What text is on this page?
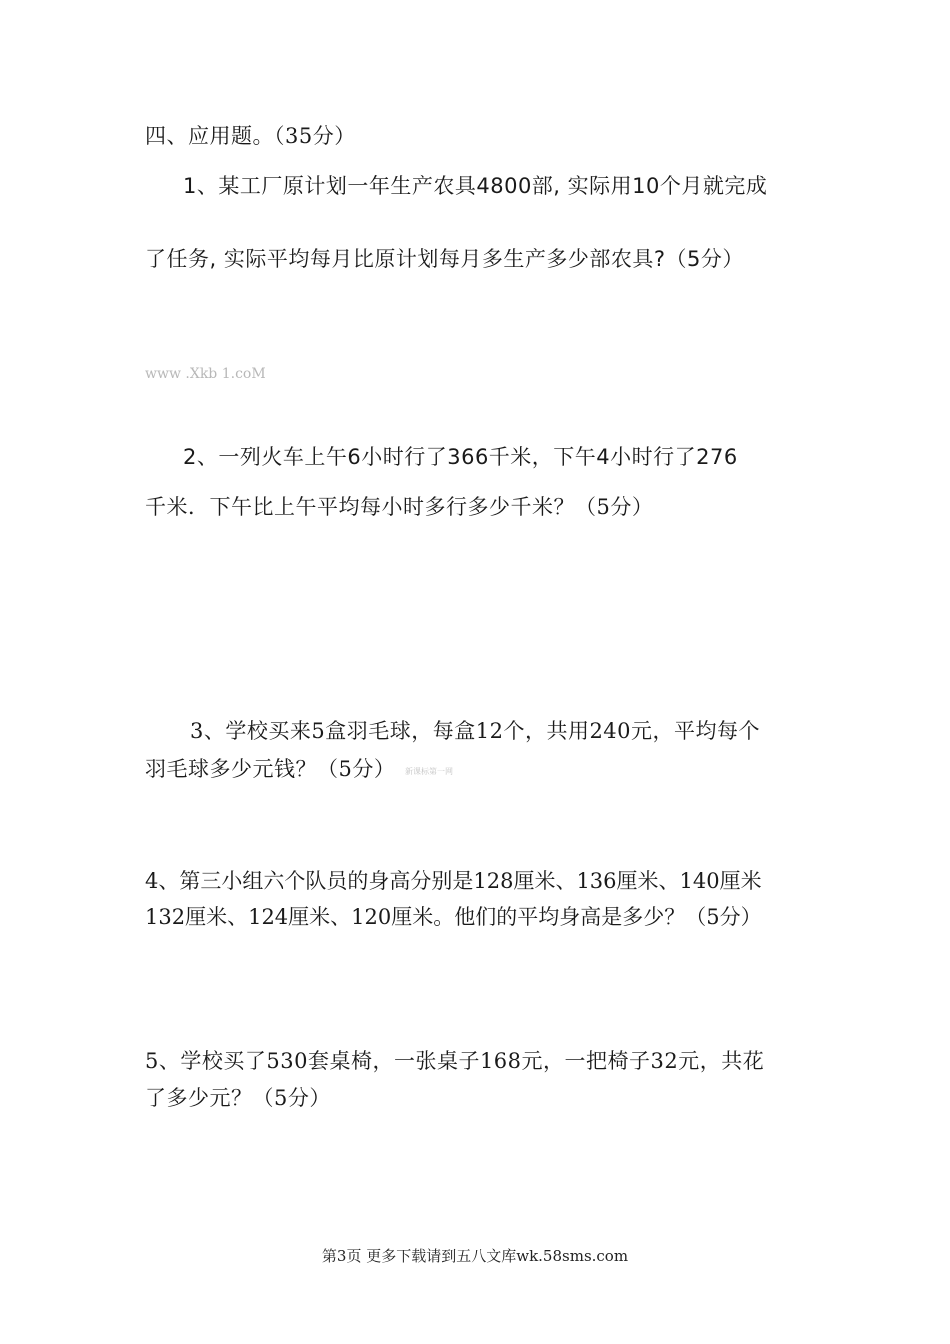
四、应用题。（35分）
1、某工厂原计划一年生产农具4800部, 实际用10个月就完成
了任务, 实际平均每月比原计划每月多生产多少部农具?（5分）
www .Xkb 1.coM
2、一列火车上午6小时行了366千米，下午4小时行了276
千米．下午比上午平均每小时多行多少千米？（5分）
3、学校买来5盒羽毛球，每盒12个，共用240元，平均每个
羽毛球多少元钱？（5分） 新课标第一网
4、第三小组六个队员的身高分别是128厘米、136厘米、140厘米
132厘米、124厘米、120厘米。他们的平均身高是多少？（5分）
5、学校买了530套桌椅，一张桌子168元，一把椅子32元，共花
了多少元？（5分）
第3页 更多下载请到五八文库wk.58sms.com
